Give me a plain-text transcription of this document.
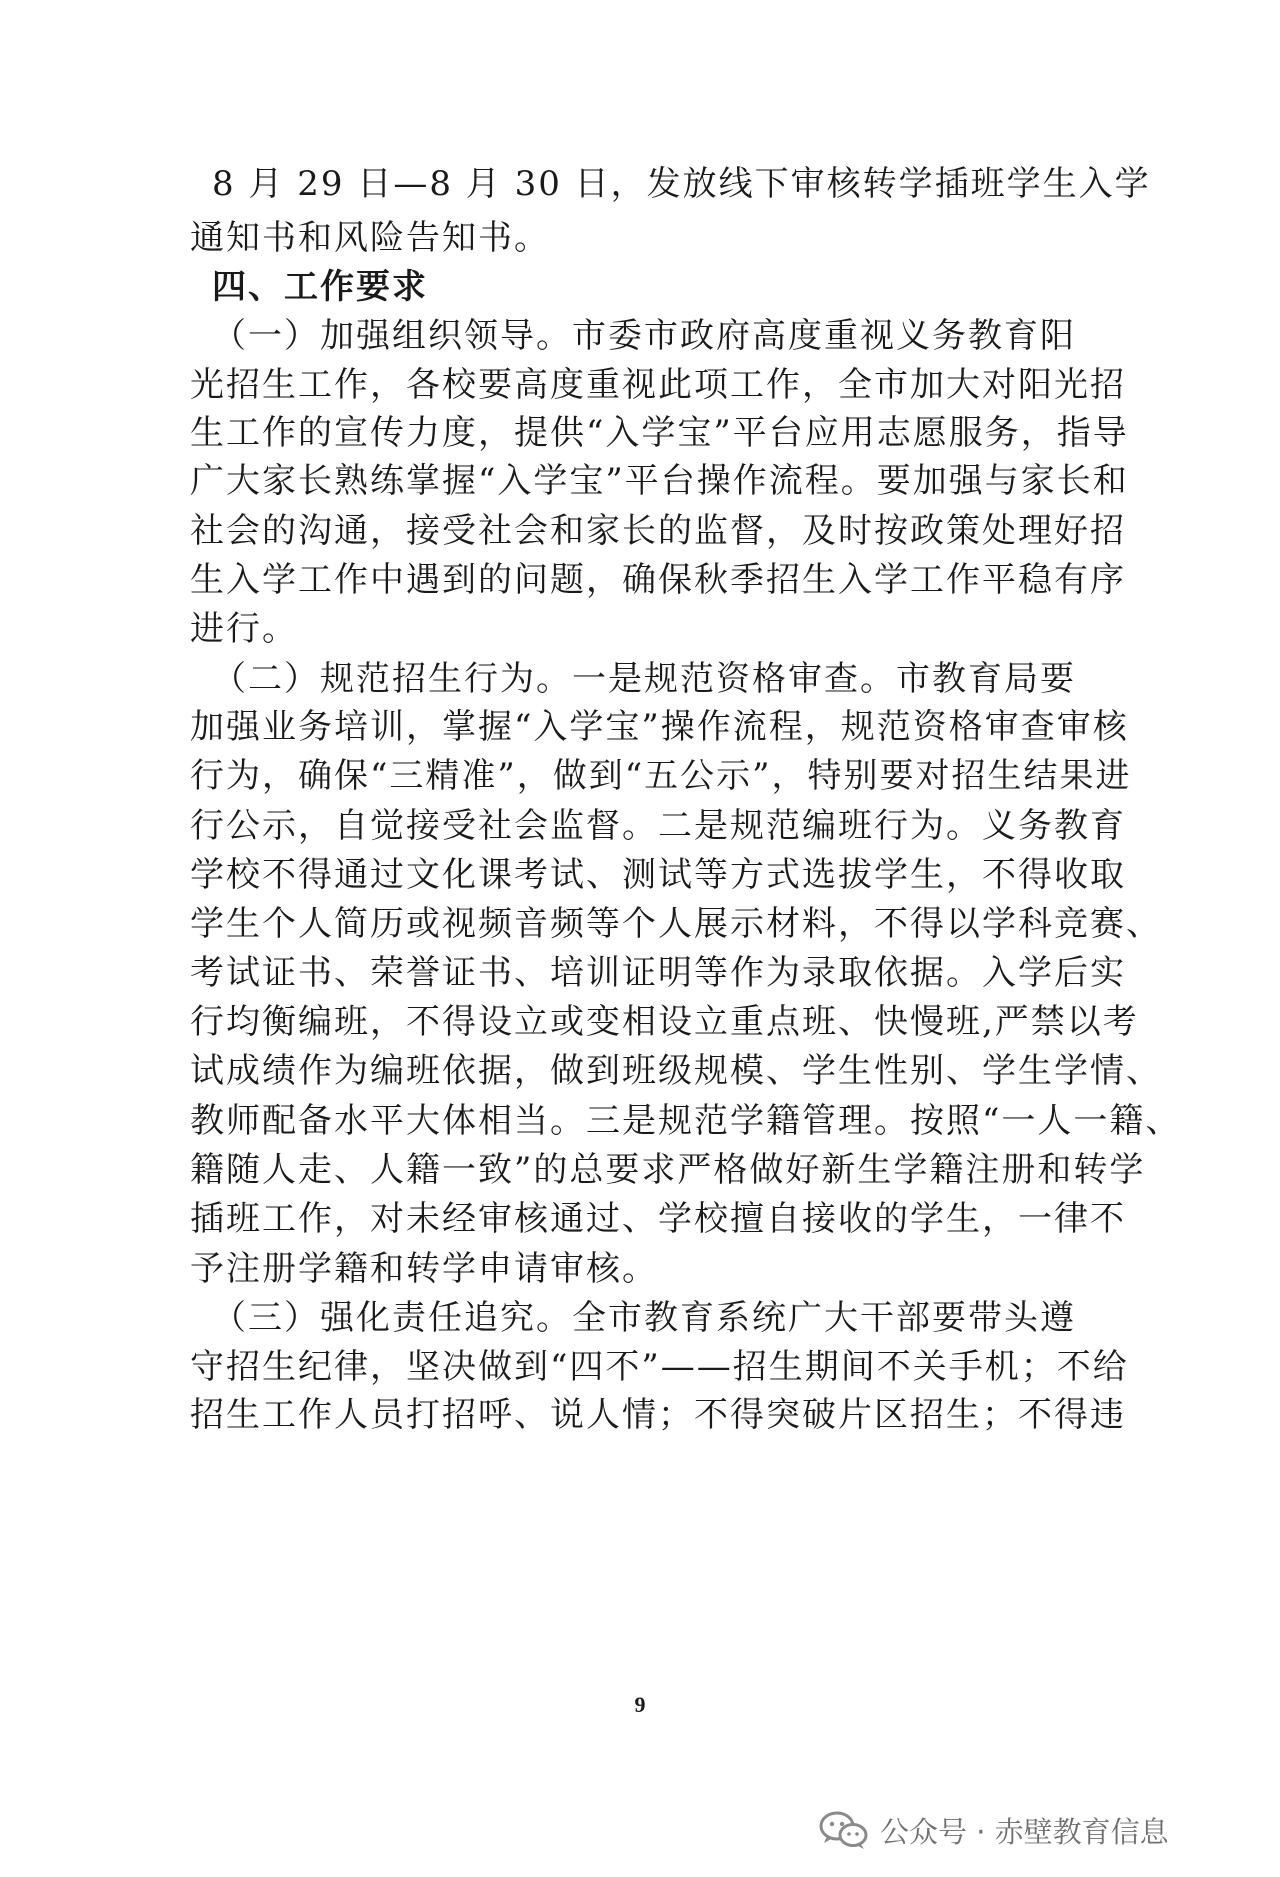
8 月 29 日—8 月 30 日，发放线下审核转学插班学生入学
通知书和风险告知书。
四、工作要求
（一）加强组织领导。市委市政府高度重视义务教育阳
光招生工作，各校要高度重视此项工作，全市加大对阳光招
生工作的宣传力度，提供“入学宝”平台应用志愿服务，指导
广大家长熟练掌握“入学宝”平台操作流程。要加强与家长和
社会的沟通，接受社会和家长的监督，及时按政策处理好招
生入学工作中遇到的问题，确保秋季招生入学工作平稳有序
进行。
（二）规范招生行为。一是规范资格审查。市教育局要
加强业务培训，掌握“入学宝”操作流程，规范资格审查审核
行为，确保“三精准”，做到“五公示”，特别要对招生结果进
行公示，自觉接受社会监督。二是规范编班行为。义务教育
学校不得通过文化课考试、测试等方式选拔学生，不得收取
学生个人简历或视频音频等个人展示材料，不得以学科竞赛、
考试证书、荣誉证书、培训证明等作为录取依据。入学后实
行均衡编班，不得设立或变相设立重点班、快慢班,严禁以考
试成绩作为编班依据，做到班级规模、学生性别、学生学情、
教师配备水平大体相当。三是规范学籍管理。按照“一人一籍、
籍随人走、人籍一致”的总要求严格做好新生学籍注册和转学
插班工作，对未经审核通过、学校擅自接收的学生，一律不
予注册学籍和转学申请审核。
（三）强化责任追究。全市教育系统广大干部要带头遵
守招生纪律，坚决做到“四不”——招生期间不关手机；不给
招生工作人员打招呼、说人情；不得突破片区招生；不得违
9
公众号 · 赤壁教育信息
